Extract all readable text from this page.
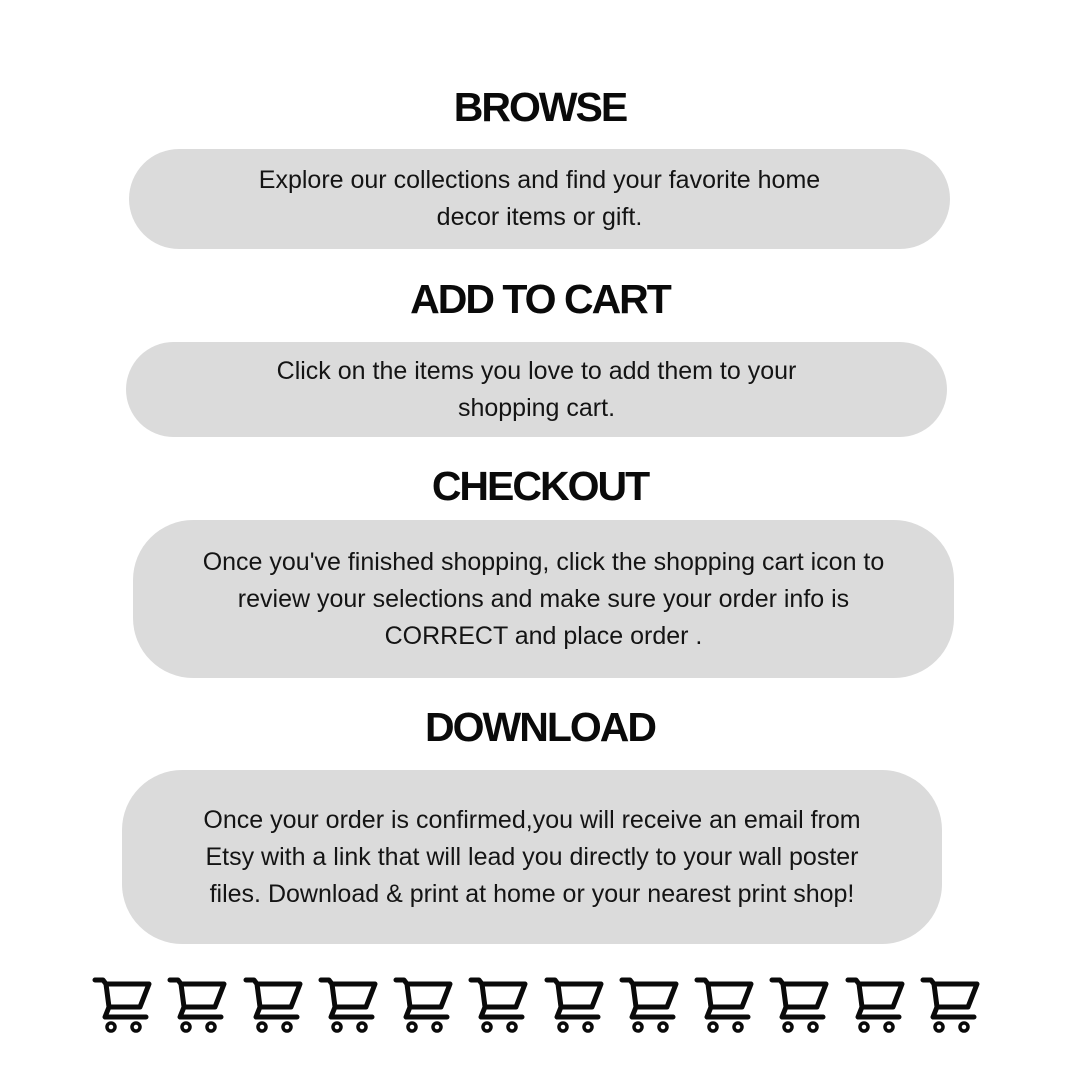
BROWSE
Explore our collections and find your favorite home
decor items or gift.
ADD TO CART
Click on the items you love to add them to your
shopping cart.
CHECKOUT
Once you've finished shopping, click the shopping cart icon to
review your selections and make sure your order info is
CORRECT and place order .
DOWNLOAD
Once your order is confirmed,you will receive an email from
Etsy with a link that will lead you directly to your wall poster
files. Download & print at home or your nearest print shop!
